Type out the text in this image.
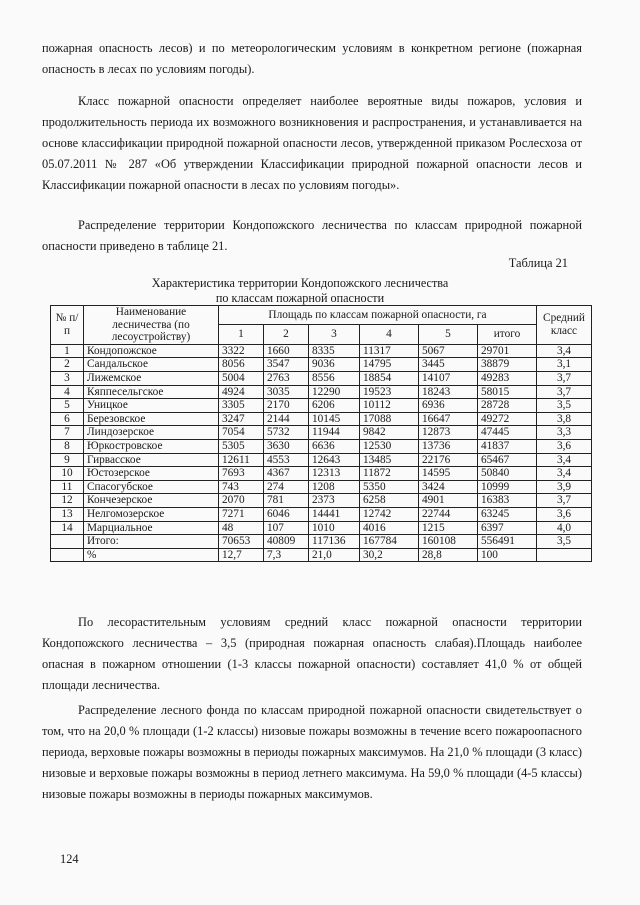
пожарная опасность лесов) и по метеорологическим условиям в конкретном регионе (пожарная опасность в лесах по условиям погоды).

Класс пожарной опасности определяет наиболее вероятные виды пожаров, условия и продолжительность периода их возможного возникновения и распространения, и устанавливается на основе классификации природной пожарной опасности лесов, утвержденной приказом Рослесхоза от 05.07.2011 № 287 «Об утверждении Классификации природной пожарной опасности лесов и Классификации пожарной опасности в лесах по условиям погоды».

Распределение территории Кондопожского лесничества по классам природной пожарной опасности приведено в таблице 21.

Таблица 21
Характеристика территории Кондопожского лесничества
по классам пожарной опасности
№ п/п	Наименование лесничества (по лесоустройству)	Площадь по классам пожарной опасности, га						Средний класс
		1	2	3	4	5	итого	
1	Кондопожское	3322	1660	8335	11317	5067	29701	3,4
2	Сандальское	8056	3547	9036	14795	3445	38879	3,1
3	Лижемское	5004	2763	8556	18854	14107	49283	3,7
4	Кяппесельгское	4924	3035	12290	19523	18243	58015	3,7
5	Уницкое	3305	2170	6206	10112	6936	28728	3,5
6	Березовское	3247	2144	10145	17088	16647	49272	3,8
7	Линдозерское	7054	5732	11944	9842	12873	47445	3,3
8	Юркостровское	5305	3630	6636	12530	13736	41837	3,6
9	Гирвасское	12611	4553	12643	13485	22176	65467	3,4
10	Юстозерское	7693	4367	12313	11872	14595	50840	3,4
11	Спасогубское	743	274	1208	5350	3424	10999	3,9
12	Кончезерское	2070	781	2373	6258	4901	16383	3,7
13	Нелгомозерское	7271	6046	14441	12742	22744	63245	3,6
14	Марциальное	48	107	1010	4016	1215	6397	4,0
	Итого:	70653	40809	117136	167784	160108	556491	3,5
	%	12,7	7,3	21,0	30,2	28,8	100	

По лесорастительным условиям средний класс пожарной опасности территории Кондопожского лесничества – 3,5 (природная пожарная опасность слабая).Площадь наиболее опасная в пожарном отношении (1-3 классы пожарной опасности) составляет 41,0 % от общей площади лесничества.

Распределение лесного фонда по классам природной пожарной опасности свидетельствует о том, что на 20,0 % площади (1-2 классы) низовые пожары возможны в течение всего пожароопасного периода, верховые пожары возможны в периоды пожарных максимумов. На 21,0 % площади (3 класс) низовые и верховые пожары возможны в период летнего максимума. На 59,0 % площади (4-5 классы) низовые пожары возможны в периоды пожарных максимумов.

124
